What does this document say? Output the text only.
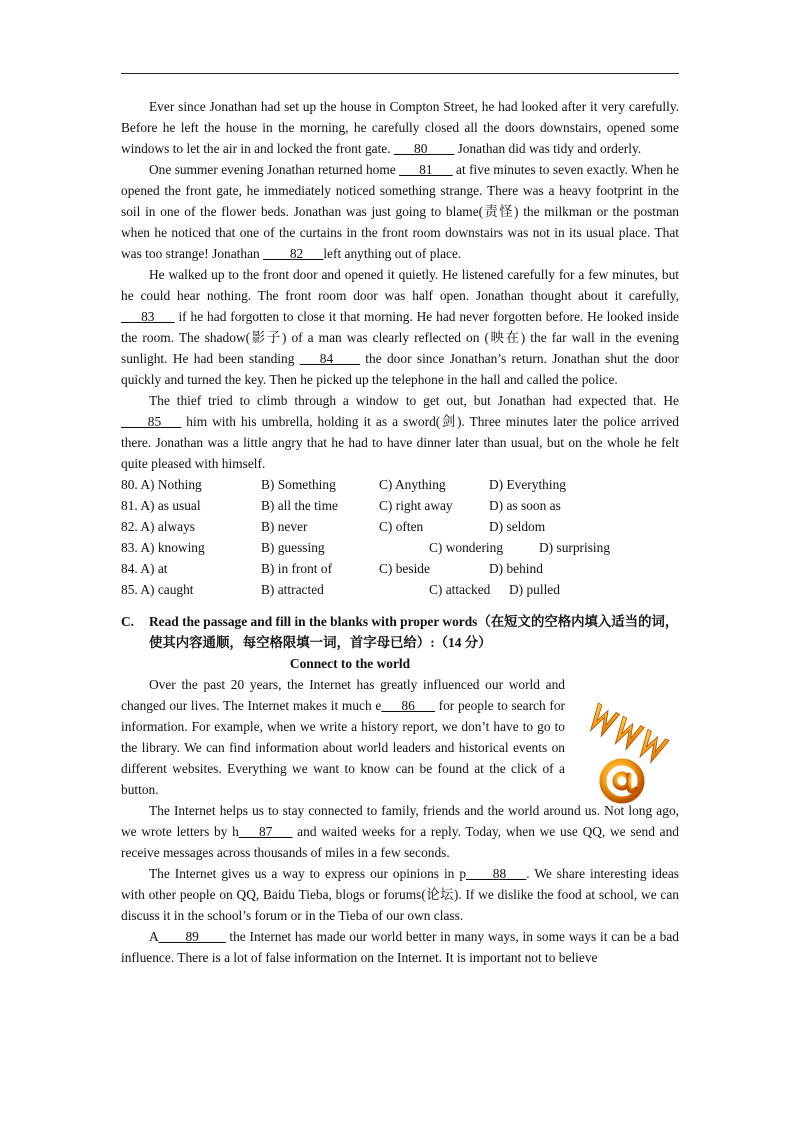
Ever since Jonathan had set up the house in Compton Street, he had looked after it very carefully. Before he left the house in the morning, he carefully closed all the doors downstairs, opened some windows to let the air in and locked the front gate. ___80____ Jonathan did was tidy and orderly.

One summer evening Jonathan returned home ___81___ at five minutes to seven exactly. When he opened the front gate, he immediately noticed something strange. There was a heavy footprint in the soil in one of the flower beds. Jonathan was just going to blame(责怪) the milkman or the postman when he noticed that one of the curtains in the front room downstairs was not in its usual place. That was too strange! Jonathan ____82___left anything out of place.

He walked up to the front door and opened it quietly. He listened carefully for a few minutes, but he could hear nothing. The front room door was half open. Jonathan thought about it carefully, ___83___ if he had forgotten to close it that morning. He had never forgotten before. He looked inside the room. The shadow(影子) of a man was clearly reflected on (映在) the far wall in the evening sunlight. He had been standing ___84____ the door since Jonathan’s return. Jonathan shut the door quickly and turned the key. Then he picked up the telephone in the hall and called the police.

The thief tried to climb through a window to get out, but Jonathan had expected that. He ____85___ him with his umbrella, holding it as a sword(剑). Three minutes later the police arrived there. Jonathan was a little angry that he had to have dinner later than usual, but on the whole he felt quite pleased with himself.

80. A) Nothing	B) Something	C) Anything	D) Everything
81. A) as usual	B) all the time	C) right away	D) as soon as
82. A) always	B) never	C) often	D) seldom
83. A) knowing	B) guessing	C) wondering	D) surprising
84. A) at	B) in front of	C) beside	D) behind
85. A) caught	B) attracted	C) attacked	D) pulled
C.	Read the passage and fill in the blanks with proper words（在短文的空格内填入适当的词，使其内容通顺，每空格限填一词，首字母已给）:（14 分）
Connect to the world

Over the past 20 years, the Internet has greatly influenced our world and changed our lives. The Internet makes it much e___86___ for people to search for information. For example, when we write a history report, we don’t have to go to the library. We can find information about world leaders and historical events on different websites. Everything we want to know can be found at the click of a button.

The Internet helps us to stay connected to family, friends and the world around us. Not long ago, we wrote letters by h___87___ and waited weeks for a reply. Today, when we use QQ, we send and receive messages across thousands of miles in a few seconds.

The Internet gives us a way to express our opinions in p____88___. We share interesting ideas with other people on QQ, Baidu Tieba, blogs or forums(论坛). If we dislike the food at school, we can discuss it in the school’s forum or in the Tieba of our own class.

A____89____ the Internet has made our world better in many ways, in some ways it can be a bad influence. There is a lot of false information on the Internet. It is important not to believe
